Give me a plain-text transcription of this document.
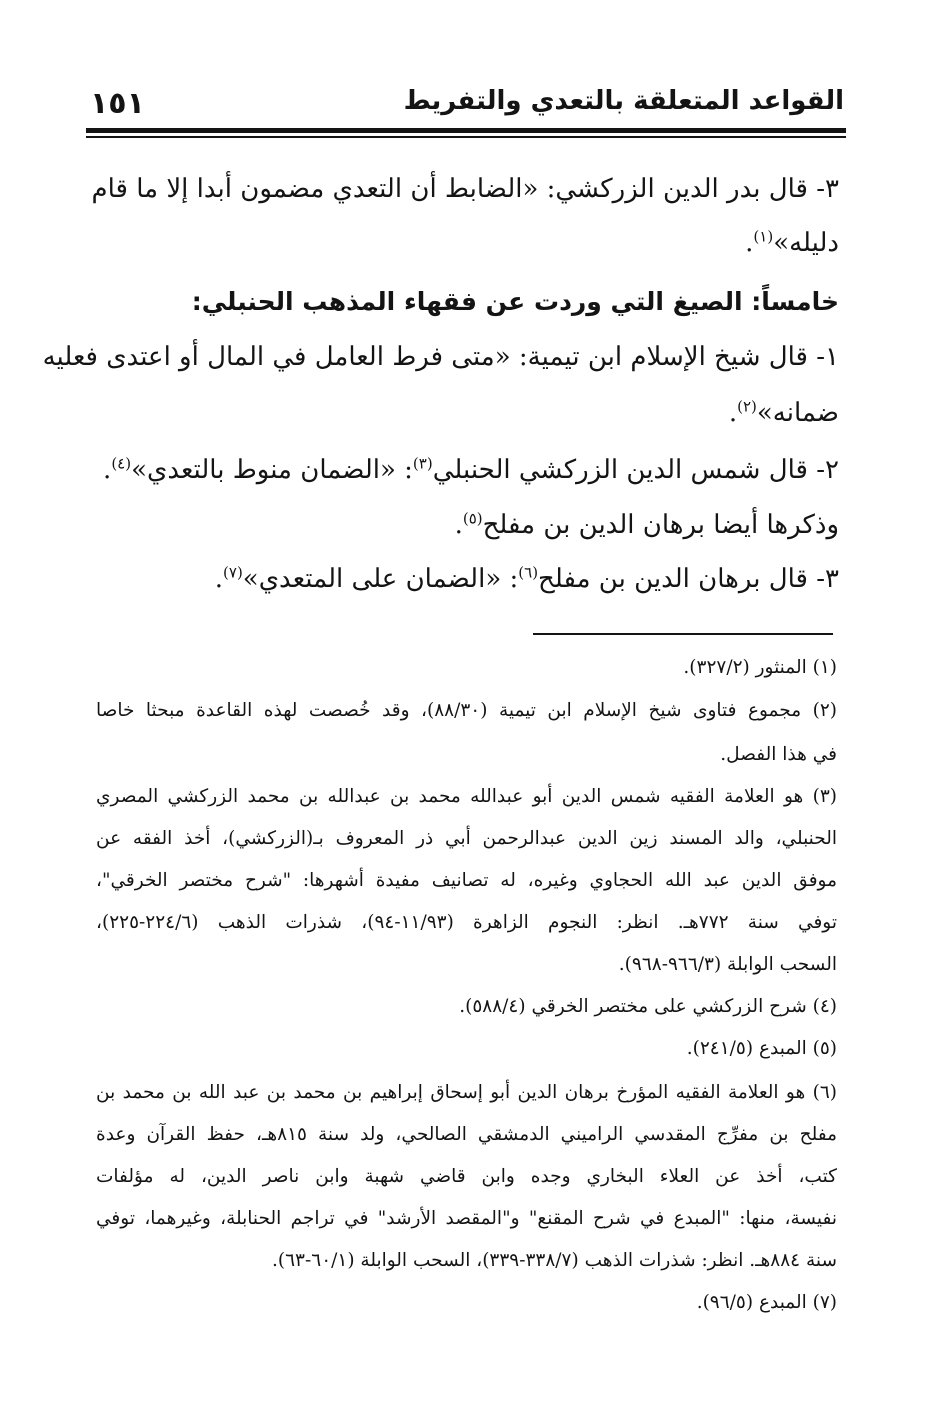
١٥١	القواعد المتعلقة بالتعدي والتفريط
٣- قال بدر الدين الزركشي: «الضابط أن التعدي مضمون أبدا إلا ما قام
دليله»$^{(١)}$.
خامساً: الصيغ التي وردت عن فقهاء المذهب الحنبلي:
١- قال شيخ الإسلام ابن تيمية: «متى فرط العامل في المال أو اعتدى فعليه
ضمانه»$^{(٢)}$.
٢- قال شمس الدين الزركشي الحنبلي$^{(٣)}$: «الضمان منوط بالتعدي»$^{(٤)}$.
وذكرها أيضا برهان الدين بن مفلح$^{(٥)}$.
٣- قال برهان الدين بن مفلح$^{(٦)}$: «الضمان على المتعدي»$^{(٧)}$.
(١) المنثور (٣٢٧/٢).
(٢) مجموع فتاوى شيخ الإسلام ابن تيمية (٨٨/٣٠)، وقد خُصصت لهذه القاعدة مبحثا خاصا
في هذا الفصل.
(٣) هو العلامة الفقيه شمس الدين أبو عبدالله محمد بن عبدالله بن محمد الزركشي المصري
الحنبلي، والد المسند زين الدين عبدالرحمن أبي ذر المعروف بـ(الزركشي)، أخذ الفقه عن
موفق الدين عبد الله الحجاوي وغيره، له تصانيف مفيدة أشهرها: "شرح مختصر الخرقي"،
توفي سنة ٧٧٢هـ. انظر: النجوم الزاهرة (١١/٩٣-٩٤)، شذرات الذهب (٢٢٤/٦-٢٢٥)،
السحب الوابلة (٩٦٦/٣-٩٦٨).
(٤) شرح الزركشي على مختصر الخرقي (٥٨٨/٤).
(٥) المبدع (٢٤١/٥).
(٦) هو العلامة الفقيه المؤرخ برهان الدين أبو إسحاق إبراهيم بن محمد بن عبد الله بن محمد بن
مفلح بن مفرِّج المقدسي الراميني الدمشقي الصالحي، ولد سنة ٨١٥هـ، حفظ القرآن وعدة
كتب، أخذ عن العلاء البخاري وجده وابن قاضي شهبة وابن ناصر الدين، له مؤلفات
نفيسة، منها: "المبدع في شرح المقنع" و"المقصد الأرشد" في تراجم الحنابلة، وغيرهما، توفي
سنة ٨٨٤هـ. انظر: شذرات الذهب (٣٣٨/٧-٣٣٩)، السحب الوابلة (٦٠/١-٦٣).
(٧) المبدع (٩٦/٥).
